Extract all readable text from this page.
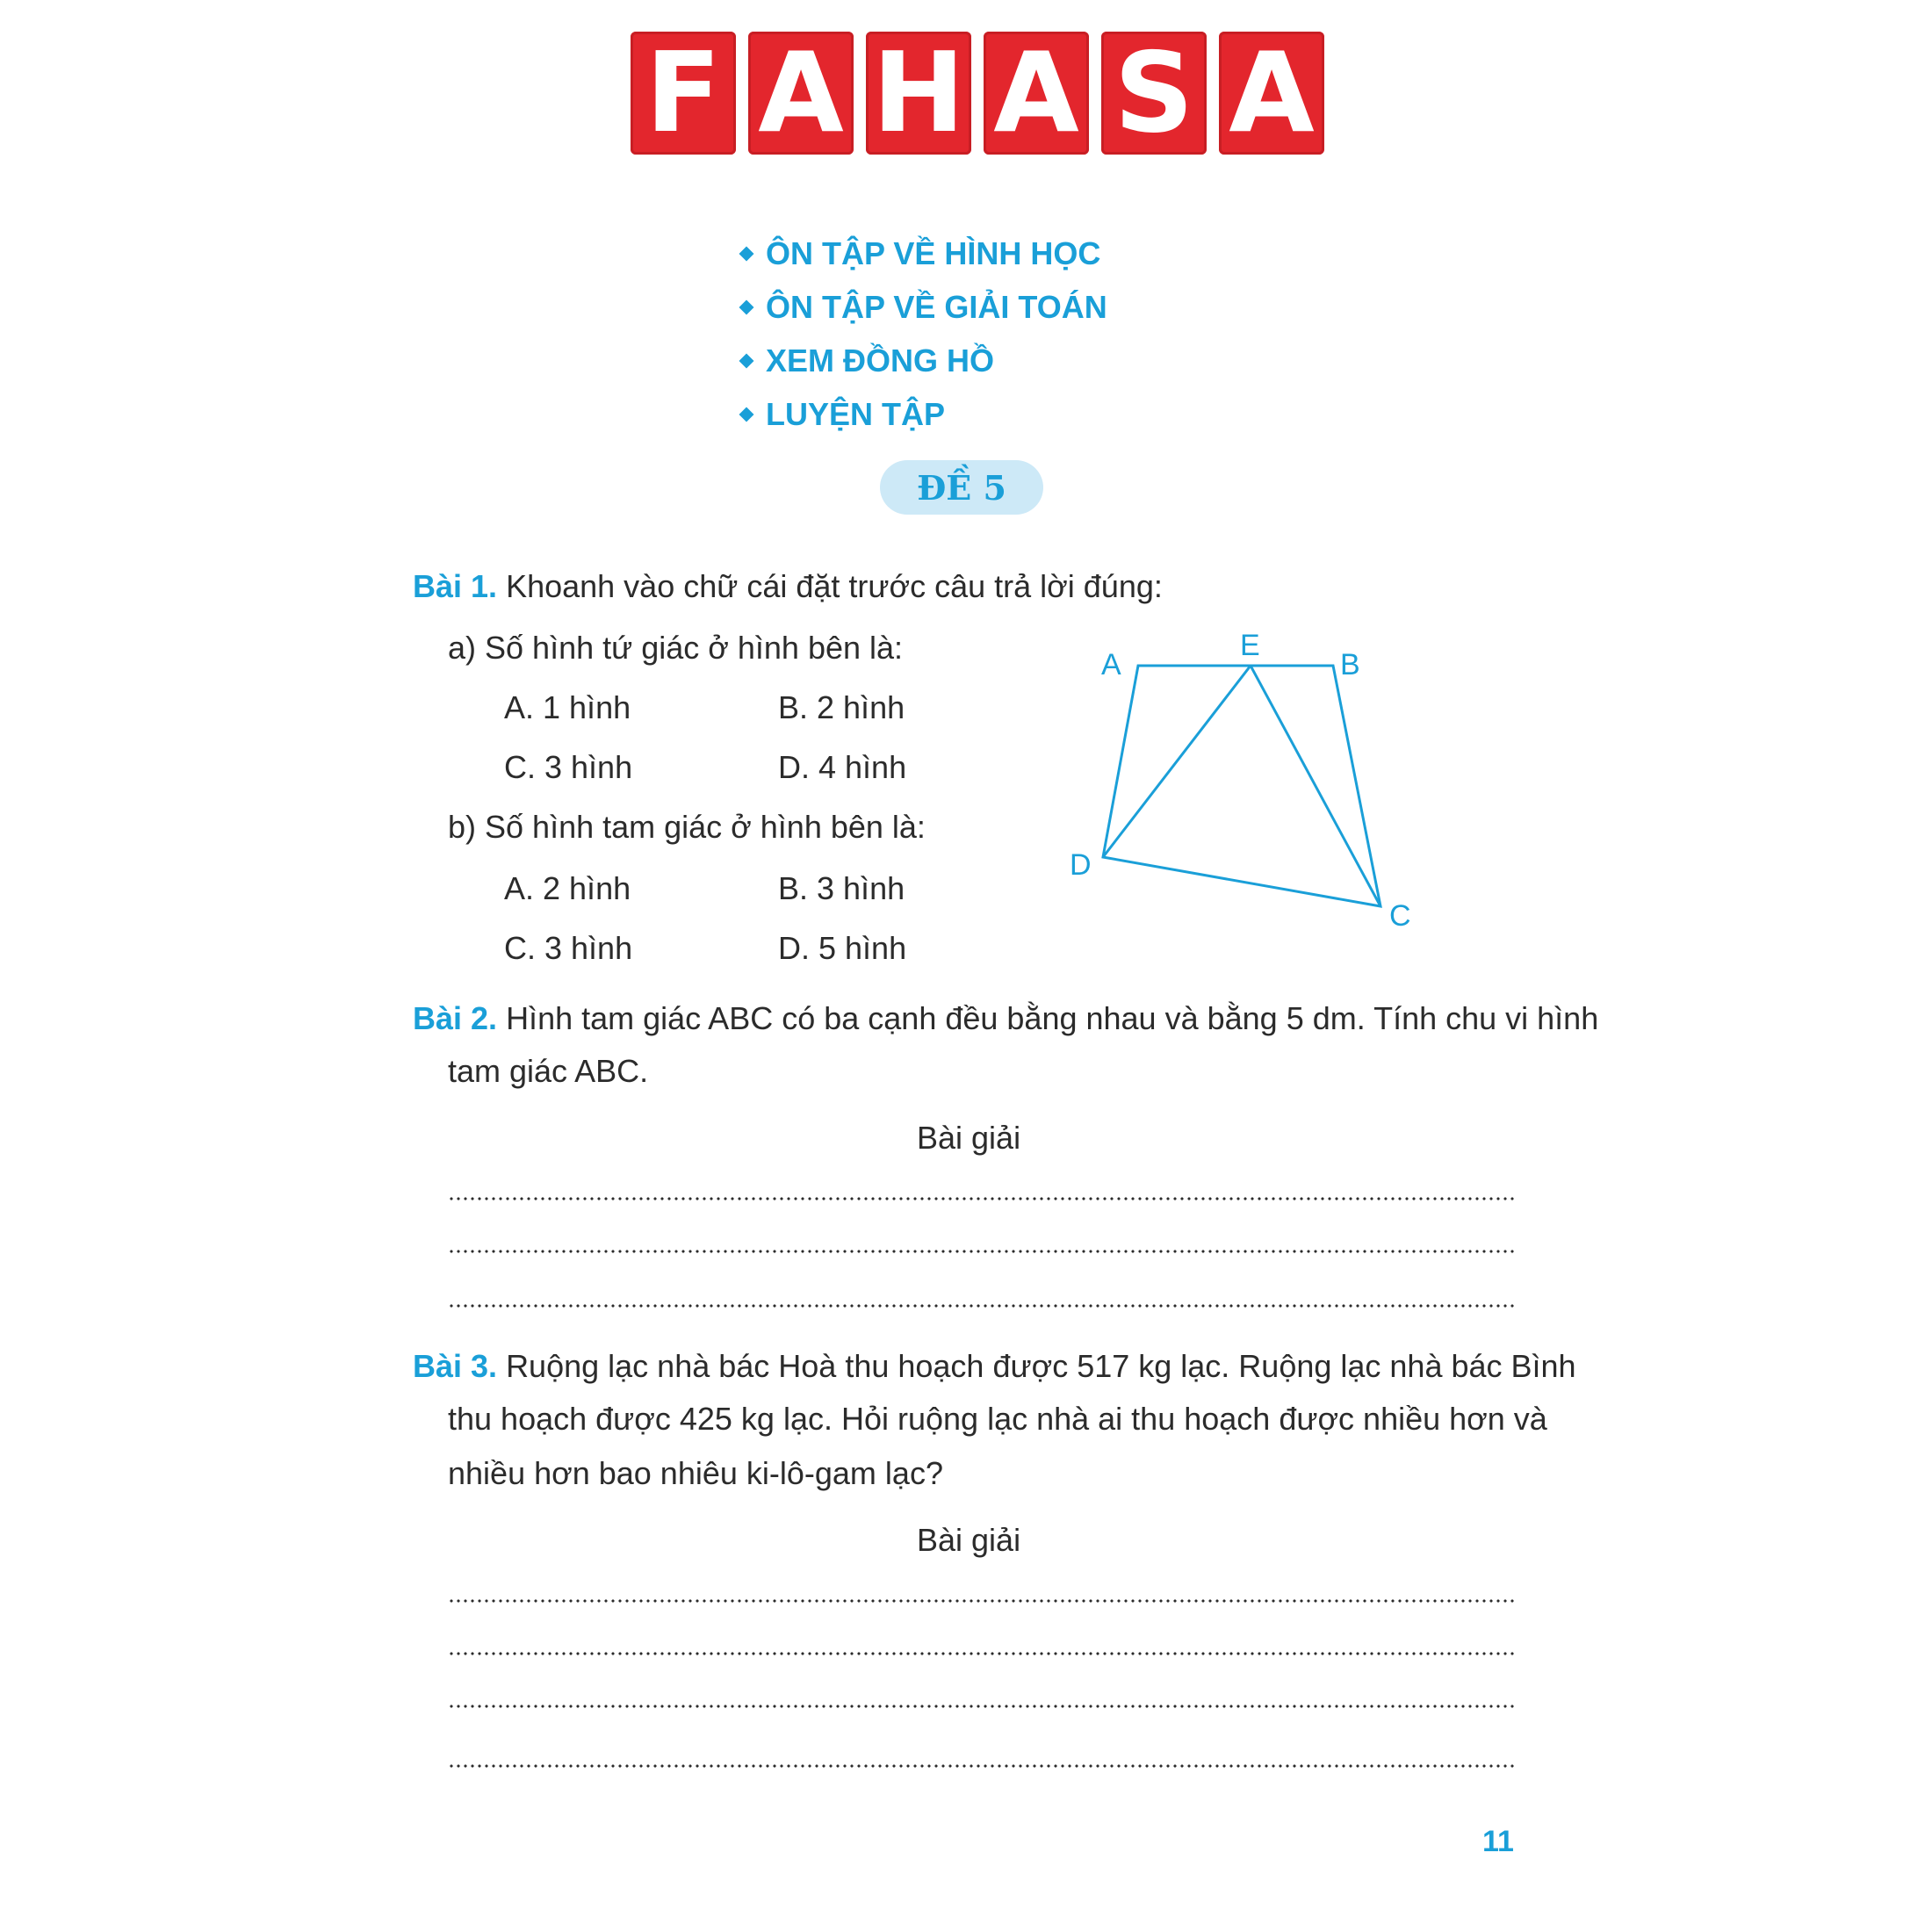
F A H A S A

ÔN TẬP VỀ HÌNH HỌC
ÔN TẬP VỀ GIẢI TOÁN
XEM ĐỒNG HỒ
LUYỆN TẬP
ĐỀ 5
Bài 1. Khoanh vào chữ cái đặt trước câu trả lời đúng:
a) Số hình tứ giác ở hình bên là:
A. 1 hình	B. 2 hình
C. 3 hình	D. 4 hình
b) Số hình tam giác ở hình bên là:
A. 2 hình	B. 3 hình
C. 3 hình	D. 5 hình
A
E
B
D
C
Bài 2. Hình tam giác ABC có ba cạnh đều bằng nhau và bằng 5 dm. Tính chu vi hình
tam giác ABC.
Bài giải
Bài 3. Ruộng lạc nhà bác Hoà thu hoạch được 517 kg lạc. Ruộng lạc nhà bác Bình
thu hoạch được 425 kg lạc. Hỏi ruộng lạc nhà ai thu hoạch được nhiều hơn và
nhiều hơn bao nhiêu ki-lô-gam lạc?
Bài giải
11
